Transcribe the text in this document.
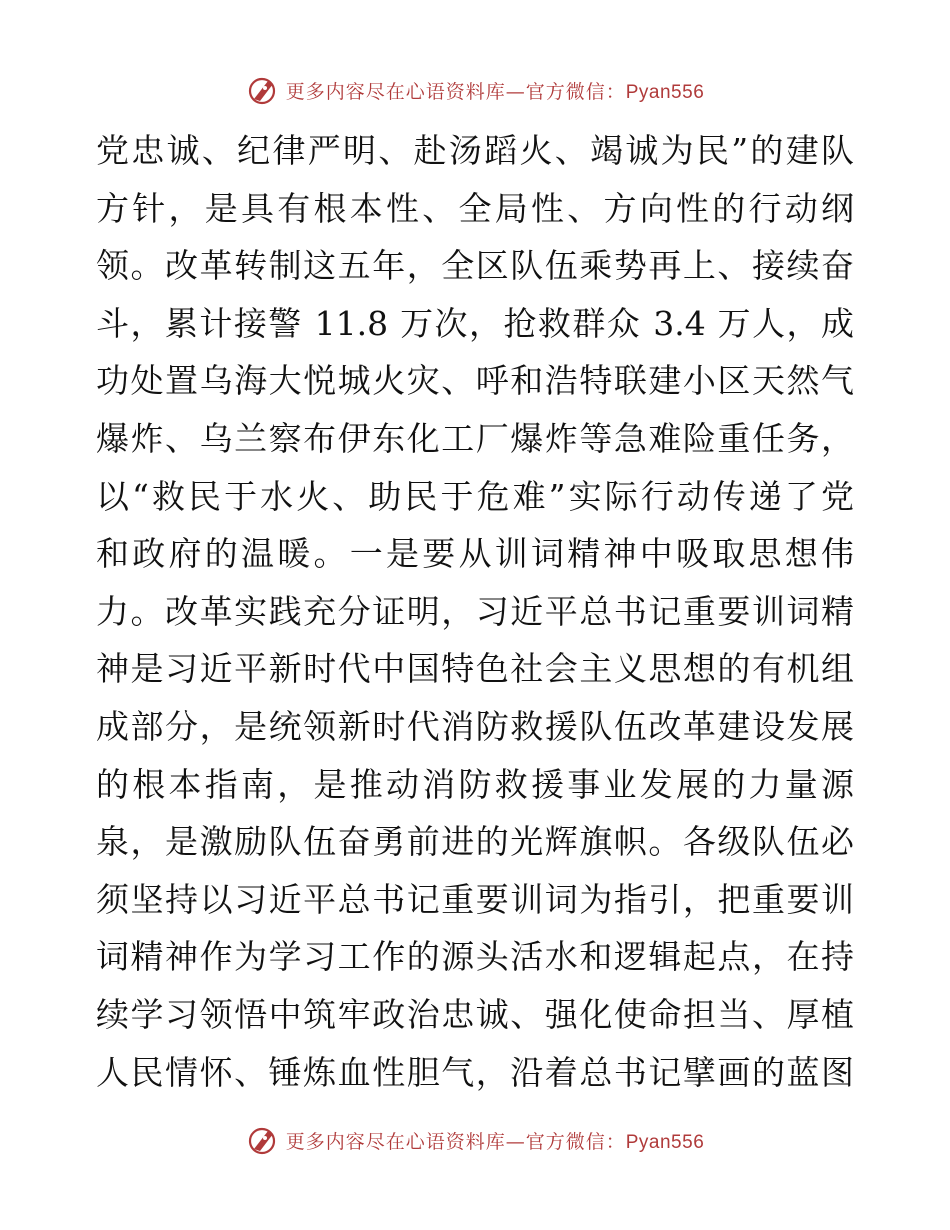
更多内容尽在心语资料库—官方微信：Pyan556
党忠诚、纪律严明、赴汤蹈火、竭诚为民”的建队
方针，是具有根本性、全局性、方向性的行动纲
领。改革转制这五年，全区队伍乘势再上、接续奋
斗，累计接警 11.8 万次，抢救群众 3.4 万人，成
功处置乌海大悦城火灾、呼和浩特联建小区天然气
爆炸、乌兰察布伊东化工厂爆炸等急难险重任务，
以“救民于水火、助民于危难”实际行动传递了党
和政府的温暖。一是要从训词精神中吸取思想伟
力。改革实践充分证明，习近平总书记重要训词精
神是习近平新时代中国特色社会主义思想的有机组
成部分，是统领新时代消防救援队伍改革建设发展
的根本指南，是推动消防救援事业发展的力量源
泉，是激励队伍奋勇前进的光辉旗帜。各级队伍必
须坚持以习近平总书记重要训词为指引，把重要训
词精神作为学习工作的源头活水和逻辑起点，在持
续学习领悟中筑牢政治忠诚、强化使命担当、厚植
人民情怀、锤炼血性胆气，沿着总书记擘画的蓝图
更多内容尽在心语资料库—官方微信：Pyan556
